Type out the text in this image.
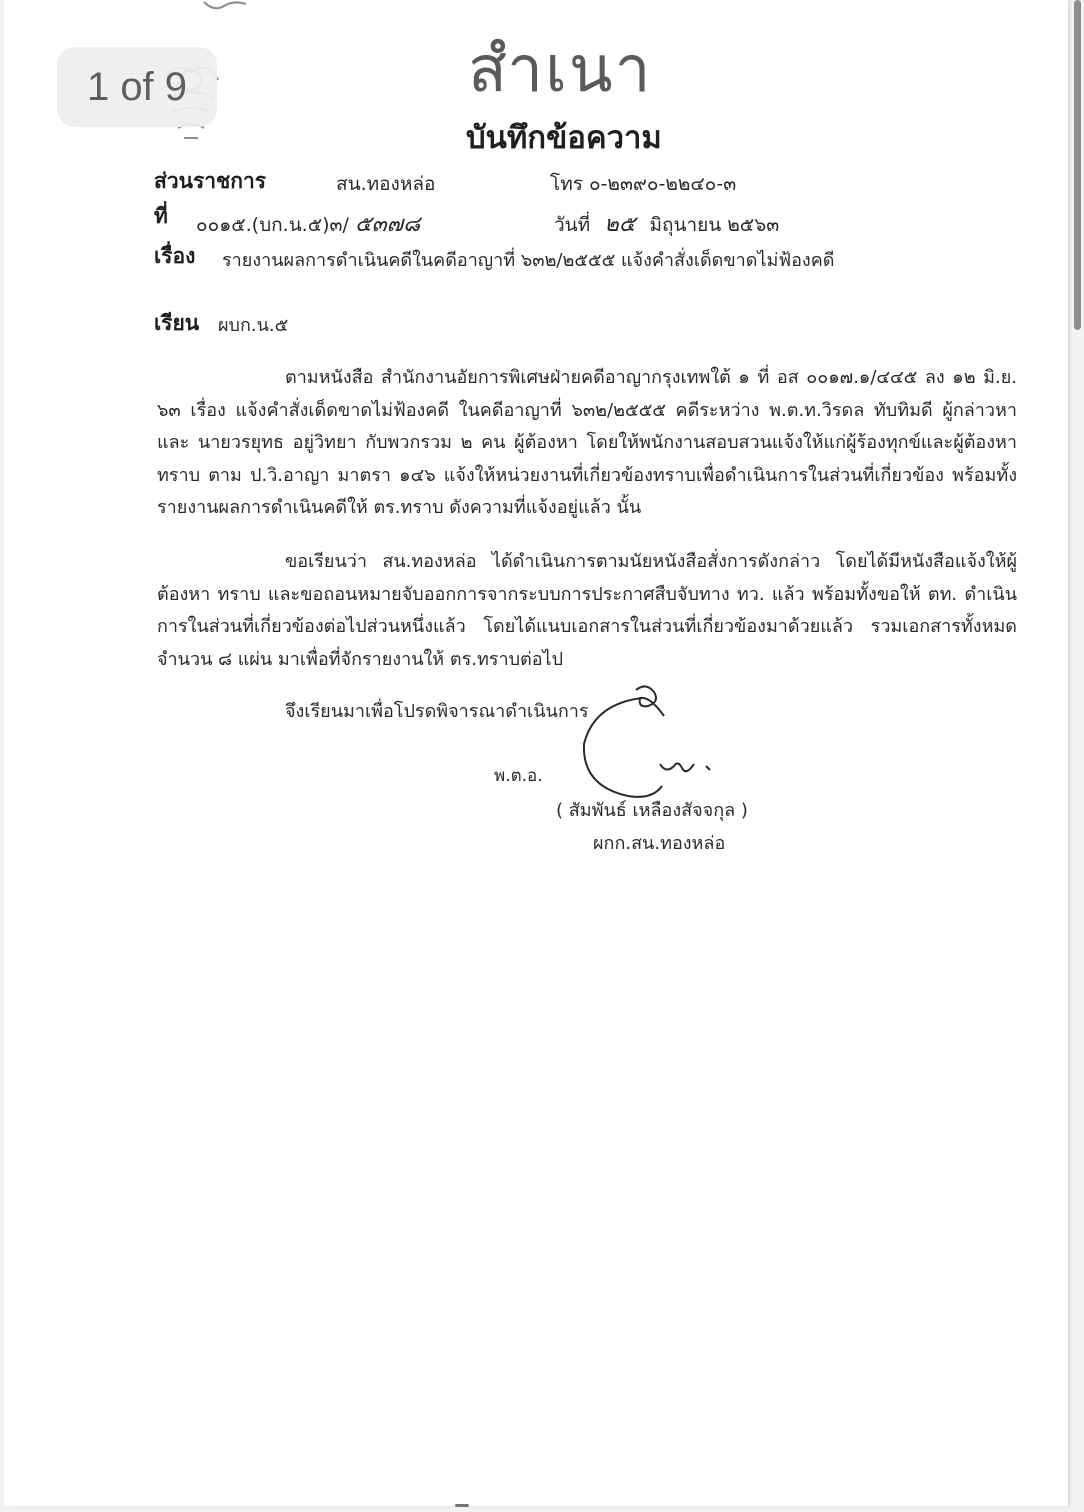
สำเนา
บันทึกข้อความ
ส่วนราชการ	สน.ทองหล่อ	โทร ๐-๒๓๙๐-๒๒๔๐-๓
ที่ ๐๐๑๕.(บก.น.๕)๓/ ๕๓๗๘	วันที่ ๒๕ มิถุนายน ๒๕๖๓
เรื่อง รายงานผลการดำเนินคดีในคดีอาญาที่ ๖๓๒/๒๕๕๕ แจ้งคำสั่งเด็ดขาดไม่ฟ้องคดี
เรียน ผบก.น.๕
ตามหนังสือ สำนักงานอัยการพิเศษฝ่ายคดีอาญากรุงเทพใต้ ๑ ที่ อส ๐๐๑๗.๑/๔๔๕ ลง ๑๒ มิ.ย. ๖๓ เรื่อง แจ้งคำสั่งเด็ดขาดไม่ฟ้องคดี ในคดีอาญาที่ ๖๓๒/๒๕๕๕ คดีระหว่าง พ.ต.ท.วิรดล ทับทิมดี ผู้กล่าวหา และ นายวรยุทธ อยู่วิทยา กับพวกรวม ๒ คน ผู้ต้องหา โดยให้พนักงานสอบสวนแจ้งให้แก่ผู้ร้องทุกข์และผู้ต้องหา ทราบ ตาม ป.วิ.อาญา มาตรา ๑๔๖ แจ้งให้หน่วยงานที่เกี่ยวข้องทราบเพื่อดำเนินการในส่วนที่เกี่ยวข้อง พร้อมทั้งรายงานผลการดำเนินคดีให้ ตร.ทราบ ดังความที่แจ้งอยู่แล้ว นั้น
ขอเรียนว่า สน.ทองหล่อ ได้ดำเนินการตามนัยหนังสือสั่งการดังกล่าว โดยได้มีหนังสือแจ้งให้ผู้ต้องหา ทราบ และขอถอนหมายจับออกการจากระบบการประกาศสืบจับทาง ทว. แล้ว พร้อมทั้งขอให้ ตท. ดำเนินการในส่วนที่เกี่ยวข้องต่อไปส่วนหนึ่งแล้ว โดยได้แนบเอกสารในส่วนที่เกี่ยวข้องมาด้วยแล้ว รวมเอกสารทั้งหมด จำนวน ๘ แผ่น มาเพื่อที่จักรายงานให้ ตร.ทราบต่อไป
จึงเรียนมาเพื่อโปรดพิจารณาดำเนินการ
พ.ต.อ.
( สัมพันธ์ เหลืองสัจจกุล )
ผกก.สน.ทองหล่อ
1 of 9
